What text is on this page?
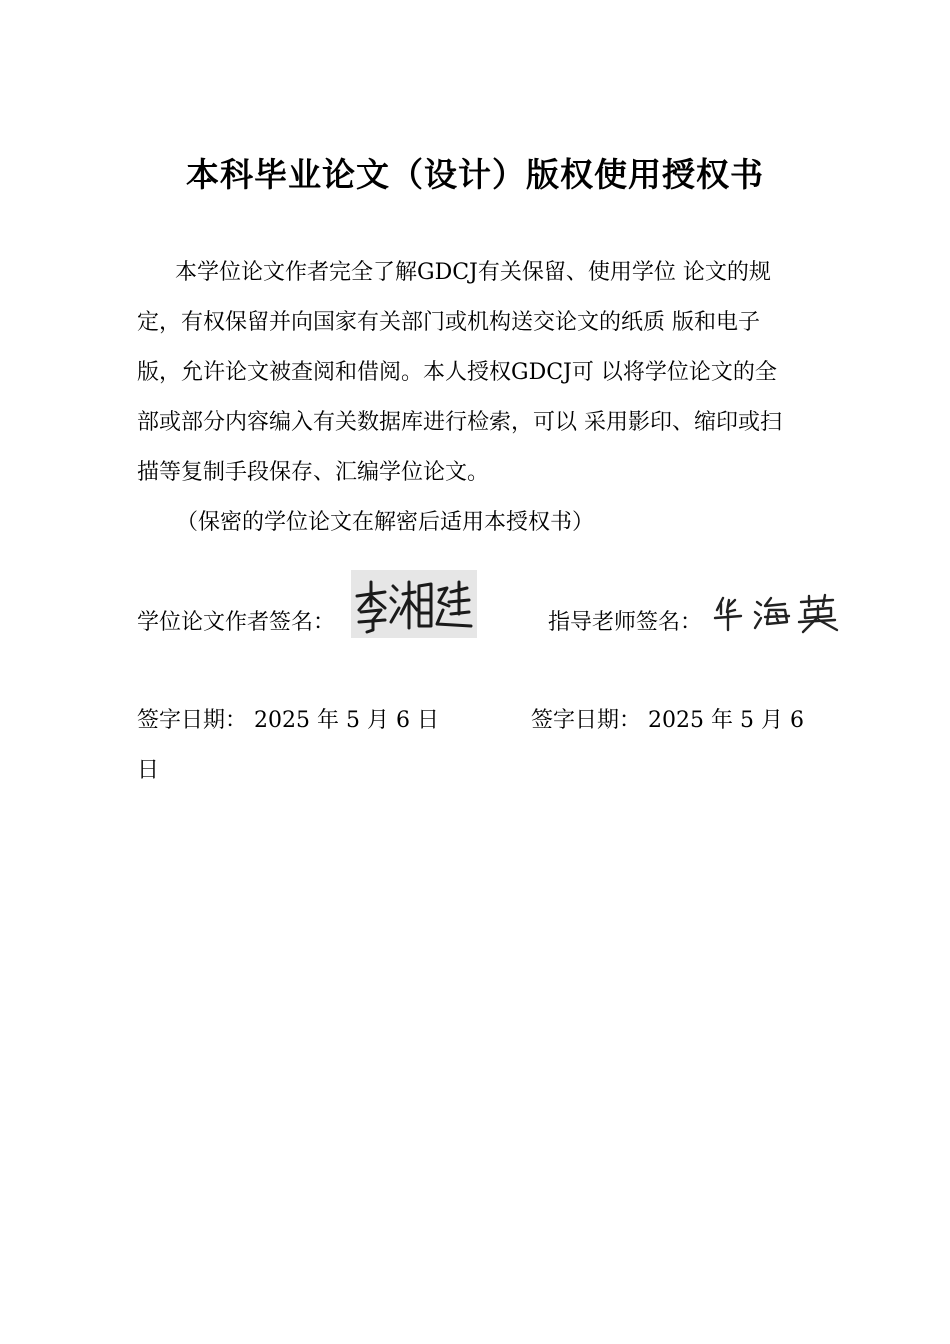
本科毕业论文（设计）版权使用授权书
本学位论文作者完全了解GDCJ有关保留、使用学位 论文的规
定，有权保留并向国家有关部门或机构送交论文的纸质 版和电子
版，允许论文被查阅和借阅。本人授权GDCJ可 以将学位论文的全
部或部分内容编入有关数据库进行检索，可以 采用影印、缩印或扫
描等复制手段保存、汇编学位论文。
（保密的学位论文在解密后适用本授权书）
学位论文作者签名：	指导老师签名：
签字日期： 2025 年 5 月 6 日	签字日期： 2025 年 5 月 6
日
